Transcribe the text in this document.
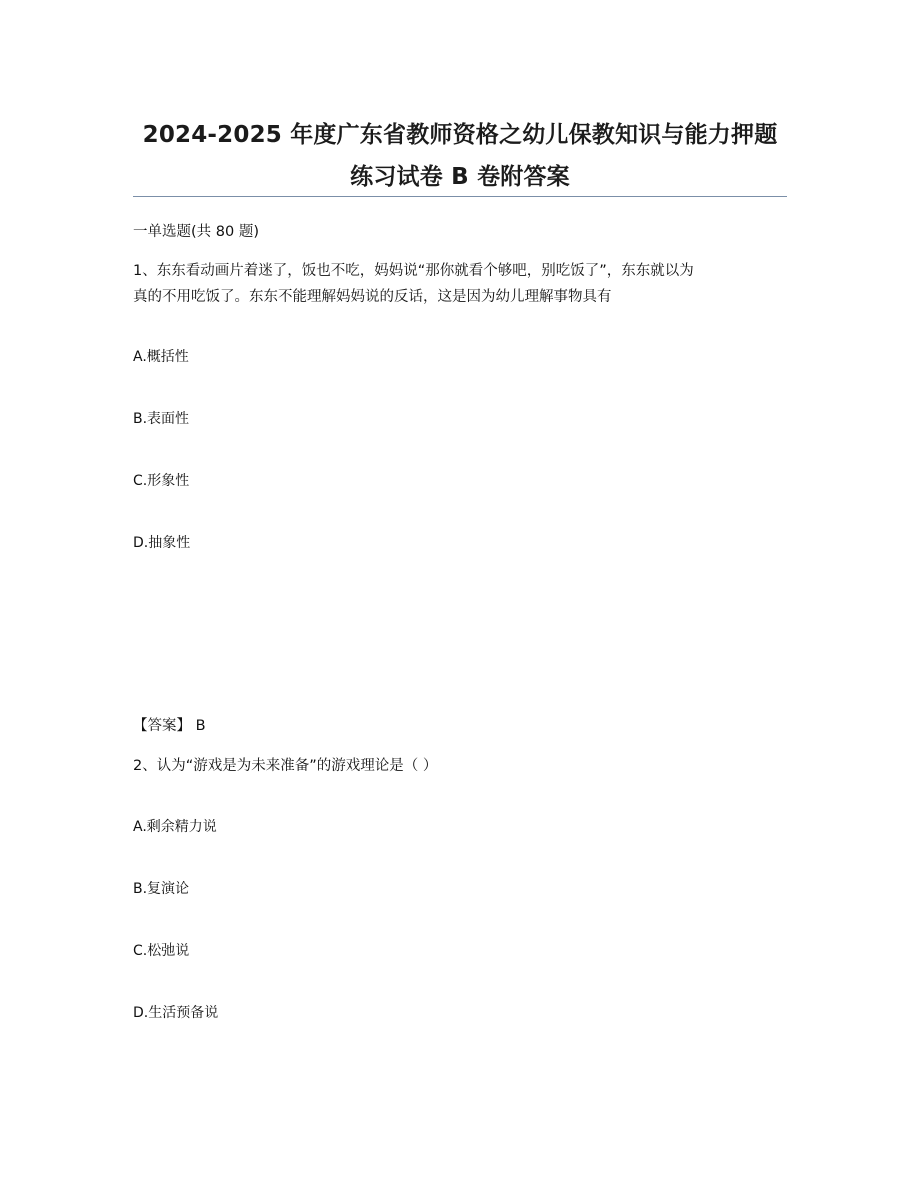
2024-2025 年度广东省教师资格之幼儿保教知识与能力押题
练习试卷 B 卷附答案
一单选题(共 80 题)
1、东东看动画片着迷了，饭也不吃，妈妈说“那你就看个够吧，别吃饭了”，东东就以为
真的不用吃饭了。东东不能理解妈妈说的反话，这是因为幼儿理解事物具有
A.概括性
B.表面性
C.形象性
D.抽象性
【答案】 B
2、认为“游戏是为未来准备”的游戏理论是（ ）
A.剩余精力说
B.复演论
C.松弛说
D.生活预备说
